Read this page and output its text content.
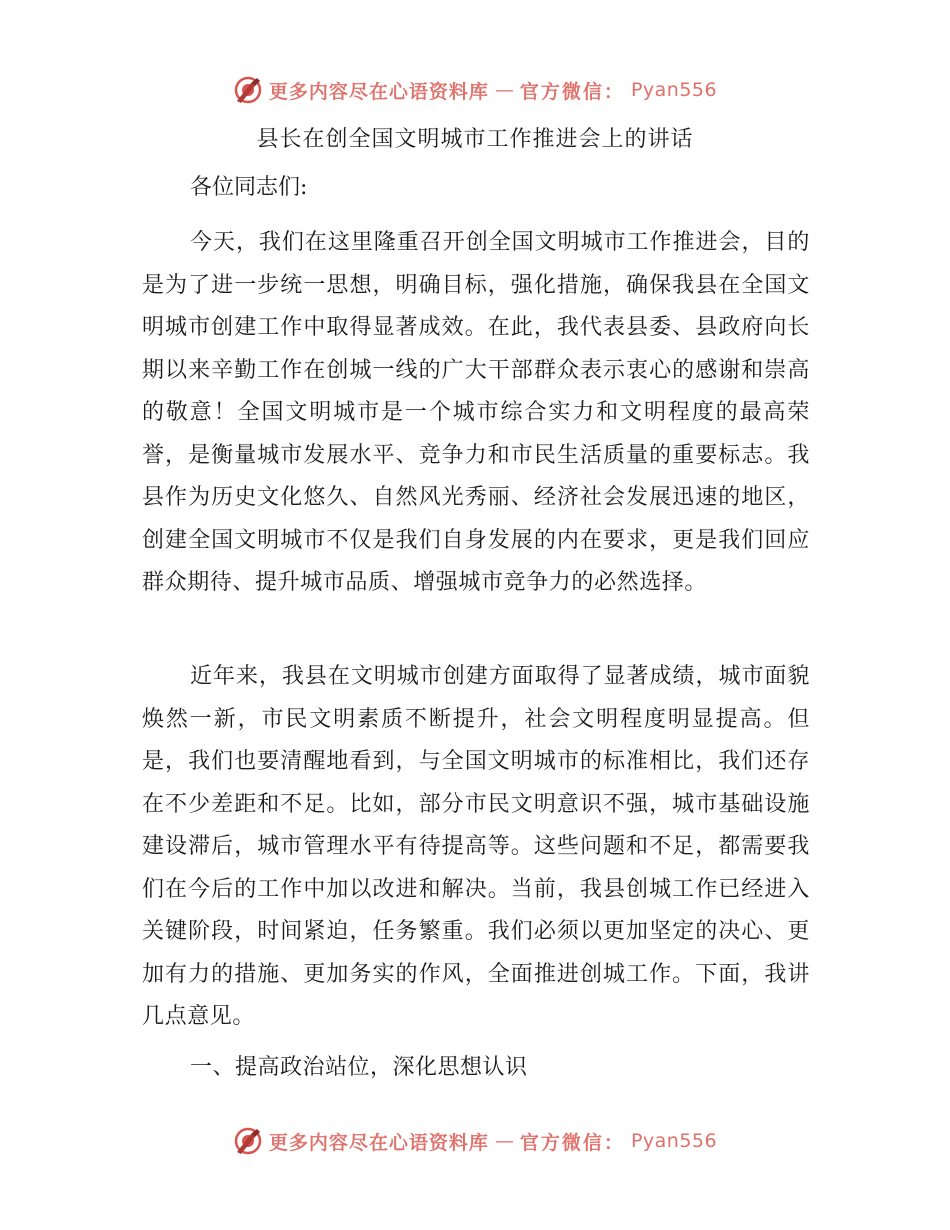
更多内容尽在心语资料库 — 官方微信： Pyan556
县长在创全国文明城市工作推进会上的讲话

各位同志们:

今天，我们在这里隆重召开创全国文明城市工作推进会，目的是为了进一步统一思想，明确目标，强化措施，确保我县在全国文明城市创建工作中取得显著成效。在此，我代表县委、县政府向长期以来辛勤工作在创城一线的广大干部群众表示衷心的感谢和崇高的敬意！全国文明城市是一个城市综合实力和文明程度的最高荣誉，是衡量城市发展水平、竞争力和市民生活质量的重要标志。我县作为历史文化悠久、自然风光秀丽、经济社会发展迅速的地区，创建全国文明城市不仅是我们自身发展的内在要求，更是我们回应群众期待、提升城市品质、增强城市竞争力的必然选择。

近年来，我县在文明城市创建方面取得了显著成绩，城市面貌焕然一新，市民文明素质不断提升，社会文明程度明显提高。但是，我们也要清醒地看到，与全国文明城市的标准相比，我们还存在不少差距和不足。比如，部分市民文明意识不强，城市基础设施建设滞后，城市管理水平有待提高等。这些问题和不足，都需要我们在今后的工作中加以改进和解决。当前，我县创城工作已经进入关键阶段，时间紧迫，任务繁重。我们必须以更加坚定的决心、更加有力的措施、更加务实的作风，全面推进创城工作。下面，我讲几点意见。

一、提高政治站位，深化思想认识
更多内容尽在心语资料库 — 官方微信： Pyan556
